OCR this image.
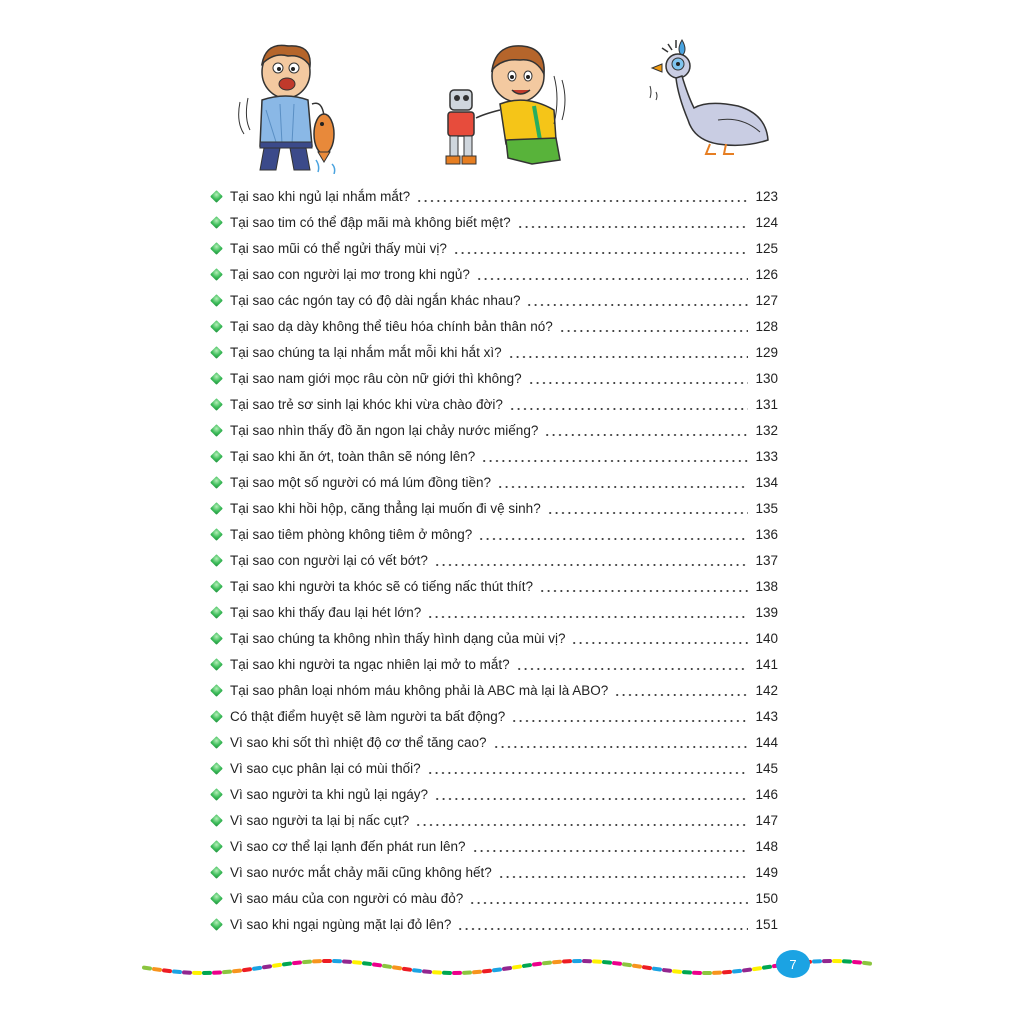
Tại sao khi ngủ lại nhắm mắt?	123
Tại sao tim có thể đập mãi mà không biết mệt?	124
Tại sao mũi có thể ngửi thấy mùi vị?	125
Tại sao con người lại mơ trong khi ngủ?	126
Tại sao các ngón tay có độ dài ngắn khác nhau?	127
Tại sao dạ dày không thể tiêu hóa chính bản thân nó?	128
Tại sao chúng ta lại nhắm mắt mỗi khi hắt xì?	129
Tại sao nam giới mọc râu còn nữ giới thì không?	130
Tại sao trẻ sơ sinh lại khóc khi vừa chào đời?	131
Tại sao nhìn thấy đồ ăn ngon lại chảy nước miếng?	132
Tại sao khi ăn ớt, toàn thân sẽ nóng lên?	133
Tại sao một số người có má lúm đồng tiền?	134
Tại sao khi hồi hộp, căng thẳng lại muốn đi vệ sinh?	135
Tại sao tiêm phòng không tiêm ở mông?	136
Tại sao con người lại có vết bớt?	137
Tại sao khi người ta khóc sẽ có tiếng nấc thút thít?	138
Tại sao khi thấy đau lại hét lớn?	139
Tại sao chúng ta không nhìn thấy hình dạng của mùi vị?	140
Tại sao khi người ta ngạc nhiên lại mở to mắt?	141
Tại sao phân loại nhóm máu không phải là ABC mà lại là ABO?	142
Có thật điểm huyệt sẽ làm người ta bất động?	143
Vì sao khi sốt thì nhiệt độ cơ thể tăng cao?	144
Vì sao cục phân lại có mùi thối?	145
Vì sao người ta khi ngủ lại ngáy?	146
Vì sao người ta lại bị nấc cụt?	147
Vì sao cơ thể lại lạnh đến phát run lên?	148
Vì sao nước mắt chảy mãi cũng không hết?	149
Vì sao máu của con người có màu đỏ?	150
Vì sao khi ngại ngùng mặt lại đỏ lên?	151
7
